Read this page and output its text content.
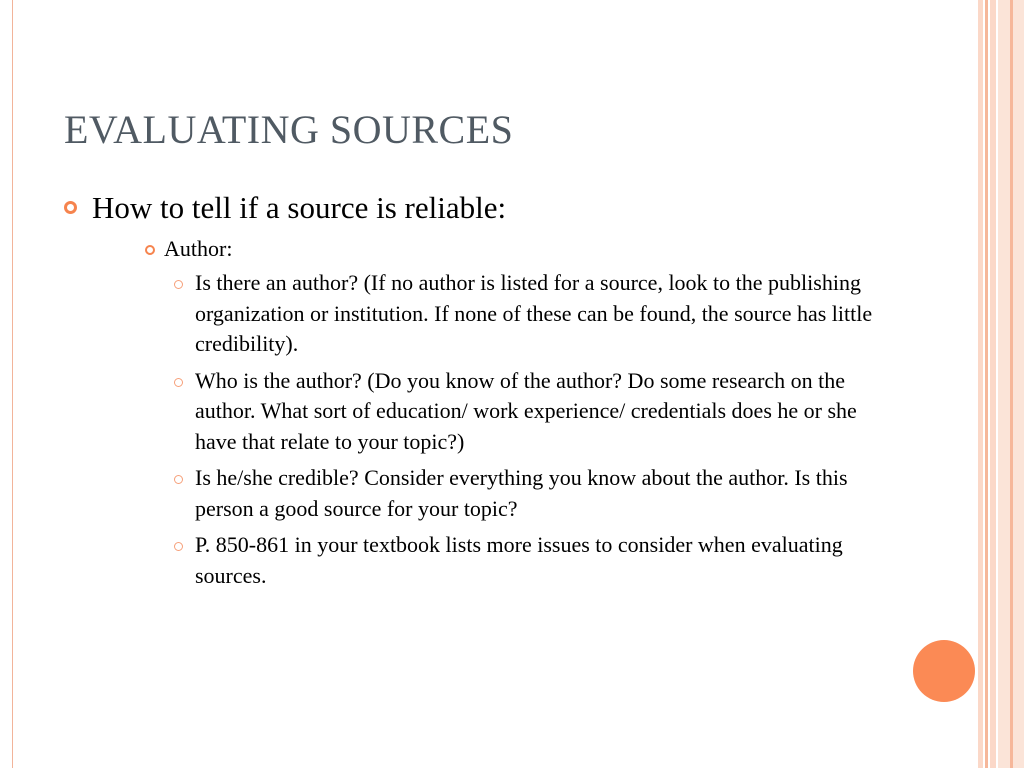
EVALUATING SOURCES
How to tell if a source is reliable:
Author:
Is there an author? (If no author is listed for a source, look to the publishing organization or institution. If none of these can be found, the source has little credibility).
Who is the author? (Do you know of the author? Do some research on the author. What sort of education/ work experience/ credentials does he or she have that relate to your topic?)
Is he/she credible? Consider everything you know about the author. Is this person a good source for your topic?
P. 850-861 in your textbook lists more issues to consider when evaluating sources.
